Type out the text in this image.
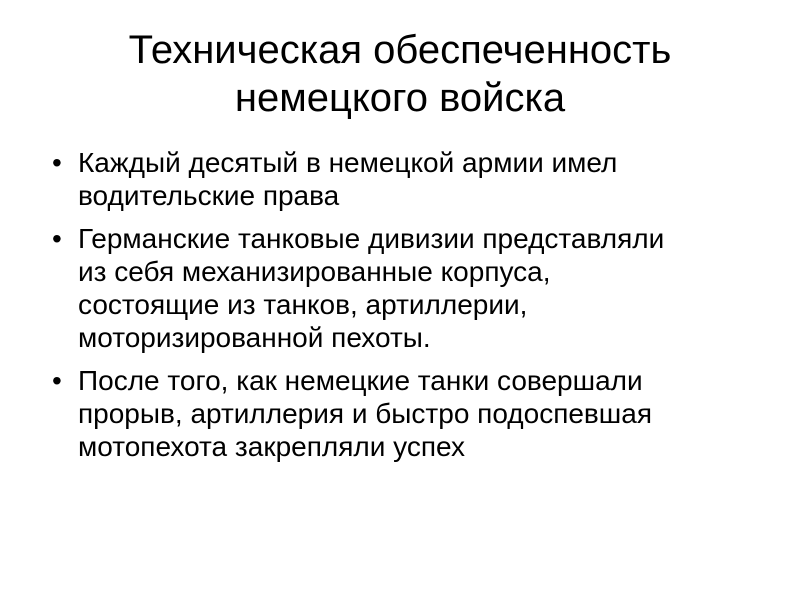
Техническая обеспеченность
немецкого войска
• Каждый десятый в немецкой армии имел
водительские права
• Германские танковые дивизии представляли
из себя механизированные корпуса,
состоящие из танков, артиллерии,
моторизированной пехоты.
• После того, как немецкие танки совершали
прорыв, артиллерия и быстро подоспевшая
мотопехота закрепляли успех
